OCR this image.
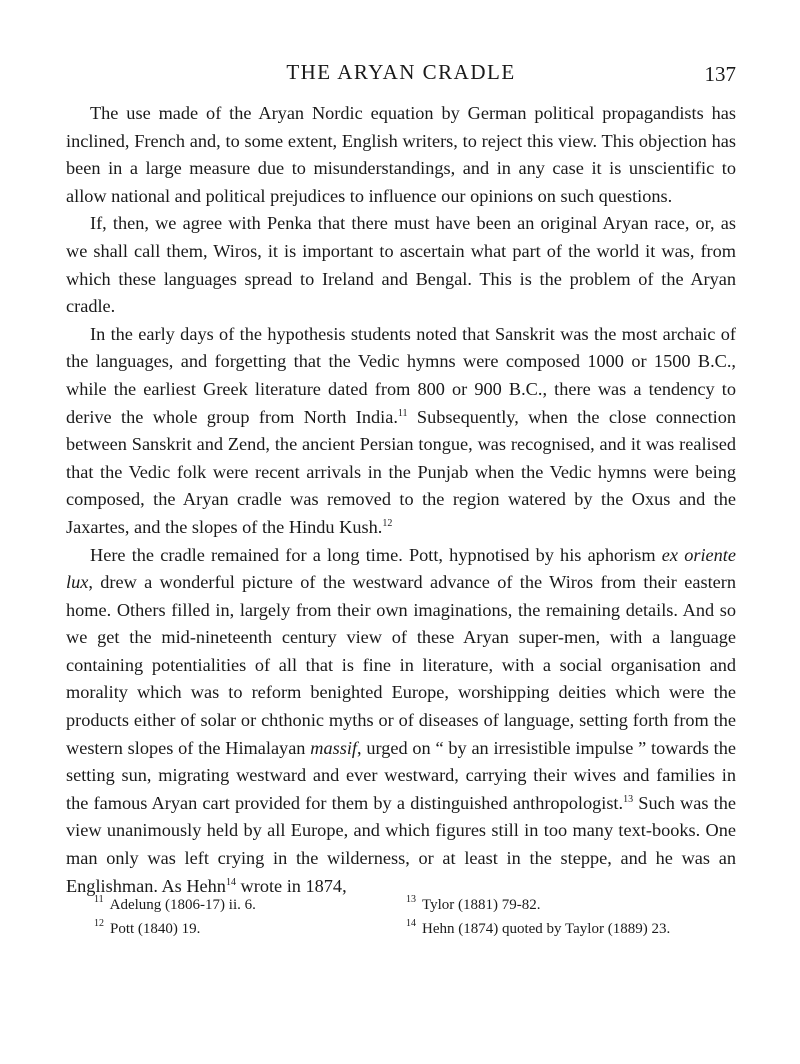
THE ARYAN CRADLE	137

The use made of the Aryan Nordic equation by German political propagandists has inclined, French and, to some extent, English writers, to reject this view. This objection has been in a large measure due to misunderstandings, and in any case it is unscientific to allow national and political prejudices to influence our opinions on such questions.

If, then, we agree with Penka that there must have been an original Aryan race, or, as we shall call them, Wiros, it is important to ascertain what part of the world it was, from which these languages spread to Ireland and Bengal. This is the problem of the Aryan cradle.

In the early days of the hypothesis students noted that Sanskrit was the most archaic of the languages, and forgetting that the Vedic hymns were composed 1000 or 1500 B.C., while the earliest Greek literature dated from 800 or 900 B.C., there was a tendency to derive the whole group from North India.$^{11}$ Subsequently, when the close connection between Sanskrit and Zend, the ancient Persian tongue, was recognised, and it was realised that the Vedic folk were recent arrivals in the Punjab when the Vedic hymns were being composed, the Aryan cradle was removed to the region watered by the Oxus and the Jaxartes, and the slopes of the Hindu Kush.$^{12}$

Here the cradle remained for a long time. Pott, hypnotised by his aphorism ex oriente lux, drew a wonderful picture of the westward advance of the Wiros from their eastern home. Others filled in, largely from their own imaginations, the remaining details. And so we get the mid-nineteenth century view of these Aryan super-men, with a language containing potentialities of all that is fine in literature, with a social organisation and morality which was to reform benighted Europe, worshipping deities which were the products either of solar or chthonic myths or of diseases of language, setting forth from the western slopes of the Himalayan massif, urged on “ by an irresistible impulse ” towards the setting sun, migrating westward and ever westward, carrying their wives and families in the famous Aryan cart provided for them by a distinguished anthropologist.$^{13}$ Such was the view unanimously held by all Europe, and which figures still in too many text-books. One man only was left crying in the wilderness, or at least in the steppe, and he was an Englishman. As Hehn$^{14}$ wrote in 1874,

$^{11}$ Adelung (1806-17) ii. 6.

$^{12}$ Pott (1840) 19.

$^{13}$ Tylor (1881) 79-82.

$^{14}$ Hehn (1874) quoted by Taylor (1889) 23.
